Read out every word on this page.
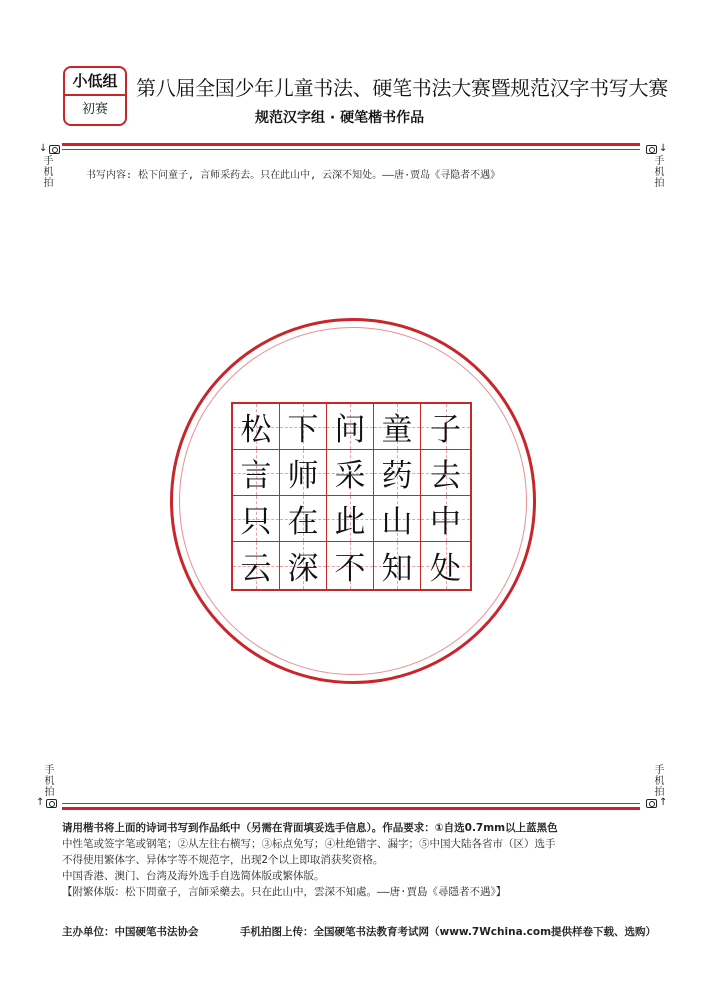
小低组
初赛
第八届全国少年儿童书法、硬笔书法大赛暨规范汉字书写大赛
规范汉字组 · 硬笔楷书作品
↓
手机拍
↓
手机拍
书写内容: 松下问童子, 言师采药去。只在此山中, 云深不知处。——唐·贾岛《寻隐者不遇》
松 下 问 童 子
言 师 采 药 去
只 在 此 山 中
云 深 不 知 处
手机拍
↑
手机拍
↑

请用楷书将上面的诗词书写到作品纸中（另需在背面填妥选手信息）。作品要求：①自选0.7mm以上蓝黑色

中性笔或签字笔或钢笔；②从左往右横写；③标点免写；④杜绝错字、漏字；⑤中国大陆各省市（区）选手

不得使用繁体字、异体字等不规范字，出现2个以上即取消获奖资格。

中国香港、澳门、台湾及海外选手自选简体版或繁体版。

【附繁体版：松下問童子，言師采藥去。只在此山中，雲深不知處。——唐·賈島《尋隱者不遇》】

主办单位：中国硬笔书法协会	手机拍图上传：全国硬笔书法教育考试网（www.7Wchina.com提供样卷下载、选购）
